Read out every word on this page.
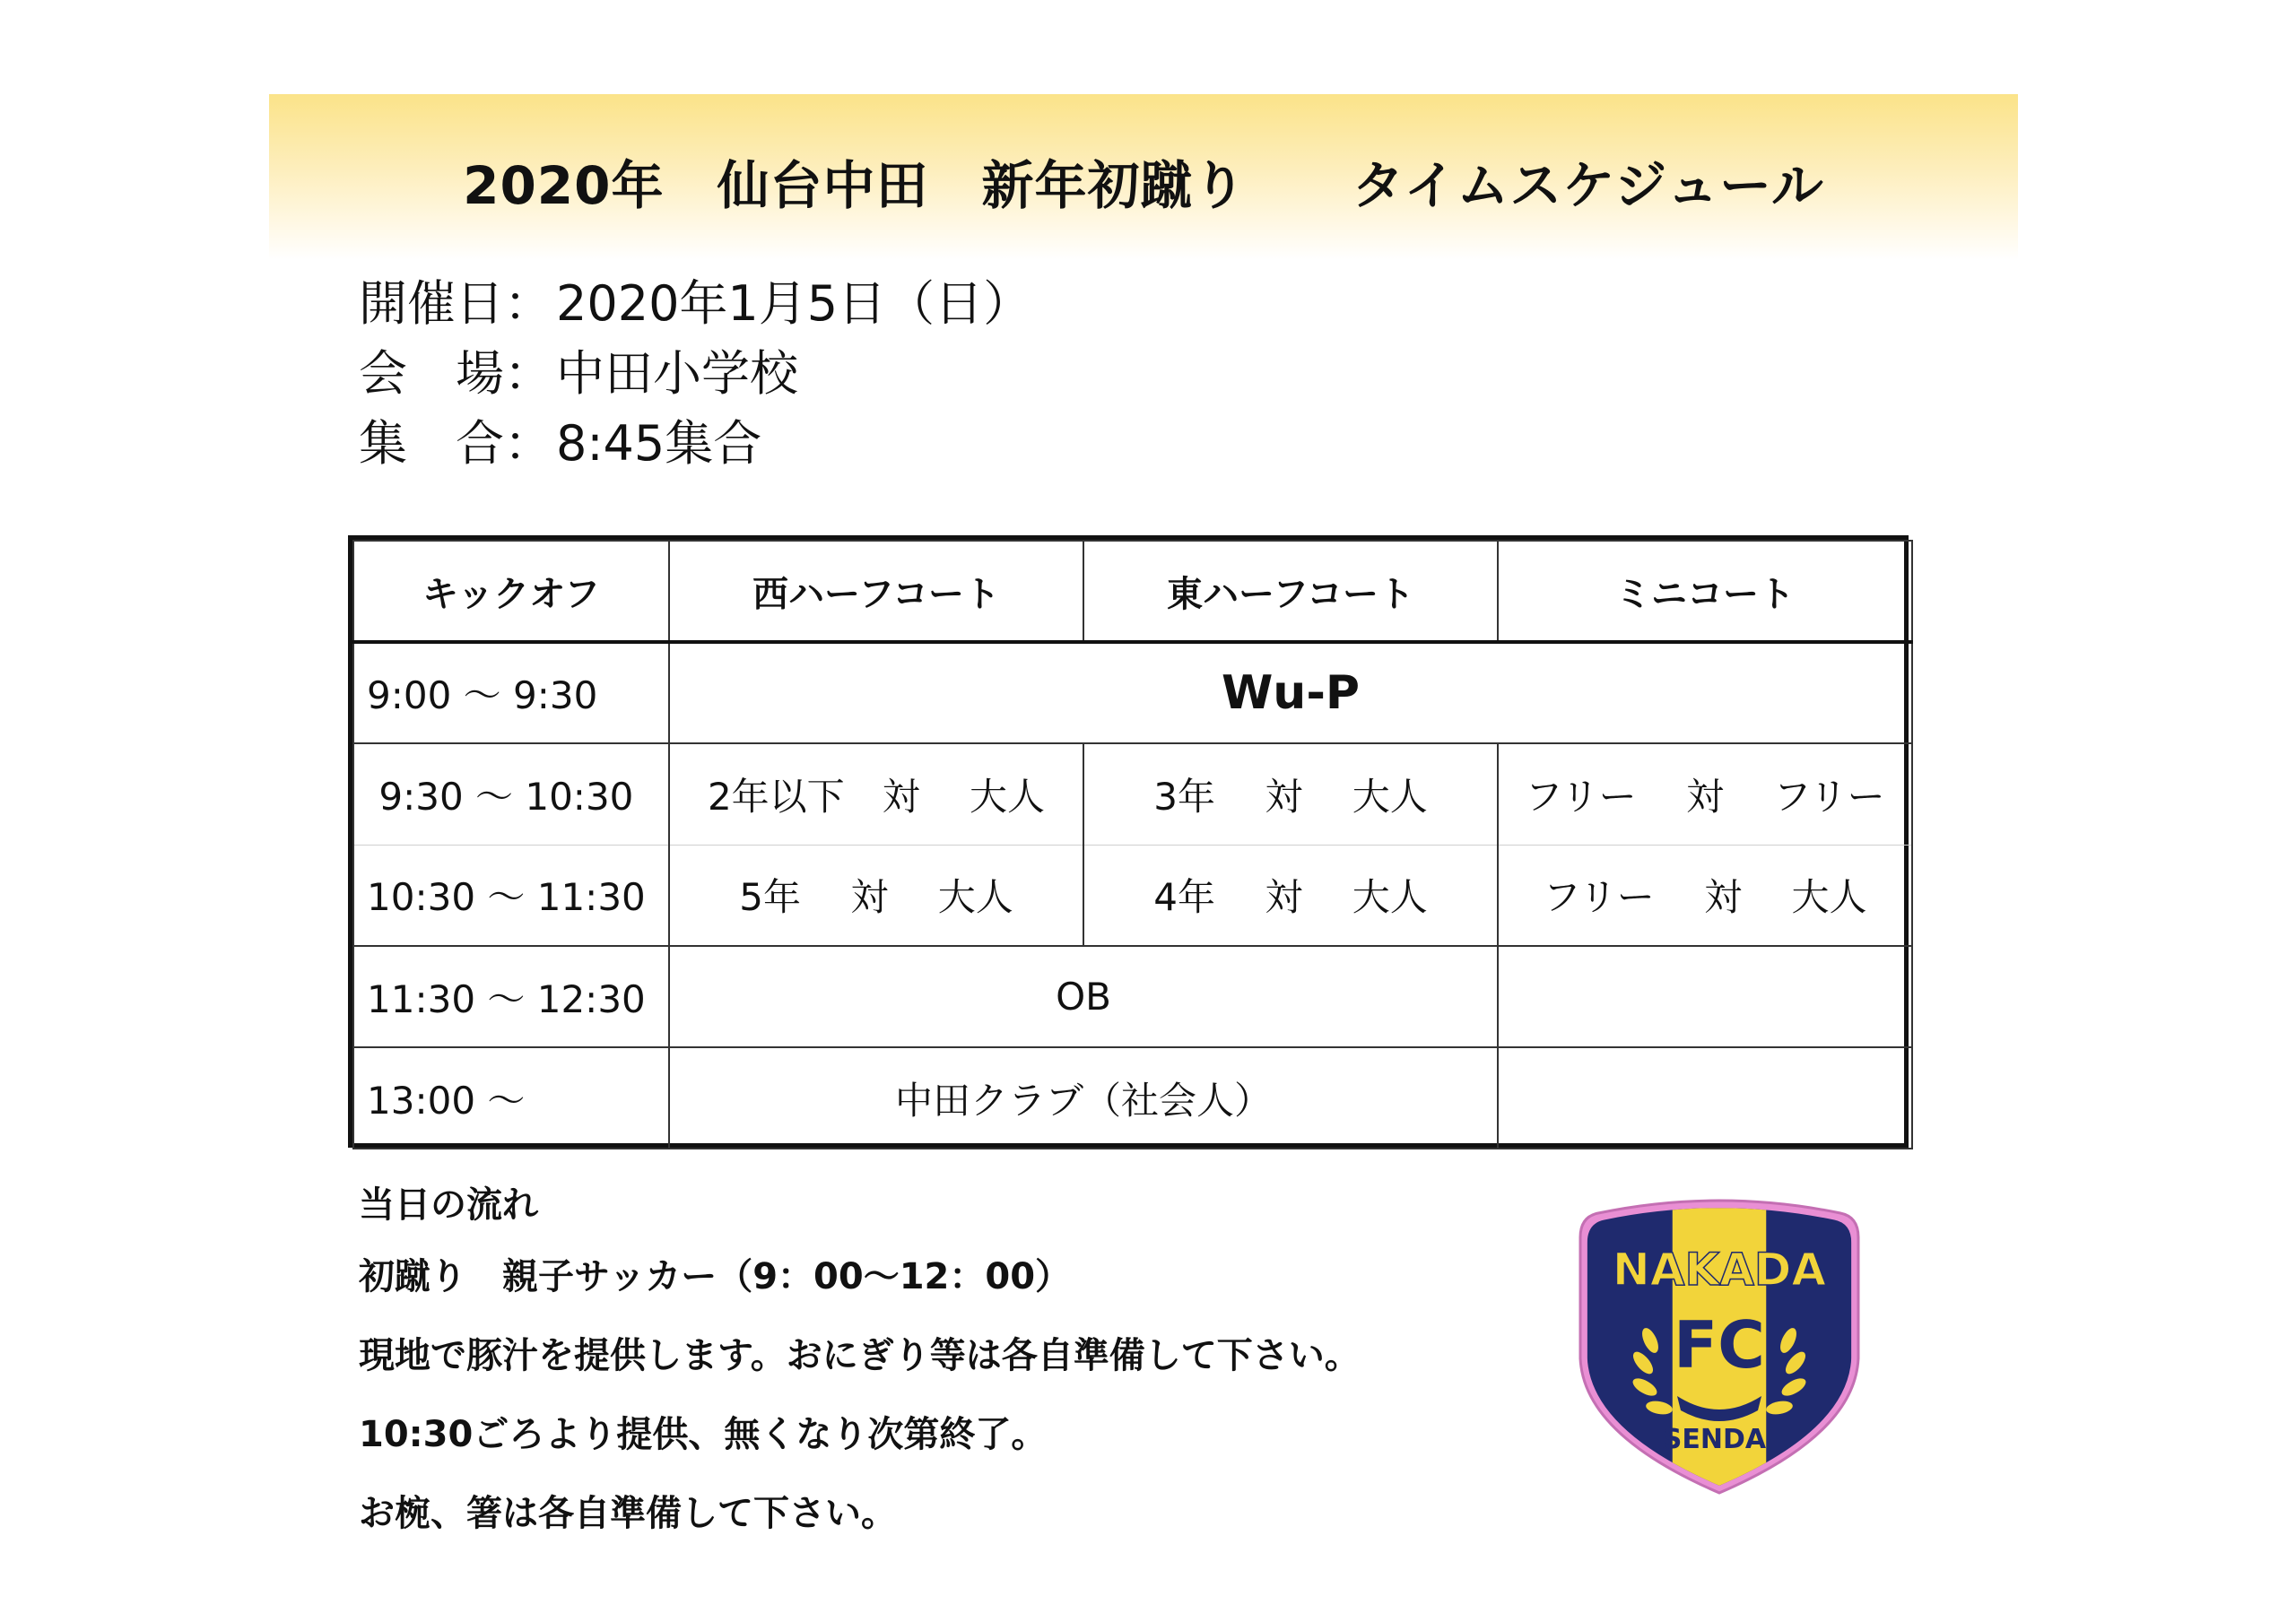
2020年　仙台中田　新年初蹴り　　タイムスケジュール
開催日： 2020年1月5日（日）
会　場： 中田小学校
集　合： 8:45集合
キックオフ	西ハーフコート	東ハーフコート	ミニコート
9:00 ～ 9:30	Wu-P		
9:30 ～ 10:30	2年以下　対　 大人	3年　 対　 大人	フリー　 対　 フリー
10:30 ～ 11:30	5年　 対　 大人	4年　 対　 大人	フリー　 対　 大人
11:30 ～ 12:30	OB		
13:00 ～	中田クラブ（社会人）		
当日の流れ
初蹴り　親子サッカー（9：00～12：00）
現地で豚汁を提供します。おにぎり等は各自準備して下さい。
10:30ごろより提供、無くなり次第終了。
お椀、箸は各自準備して下さい。
NAKADA
FC
SENDAI
